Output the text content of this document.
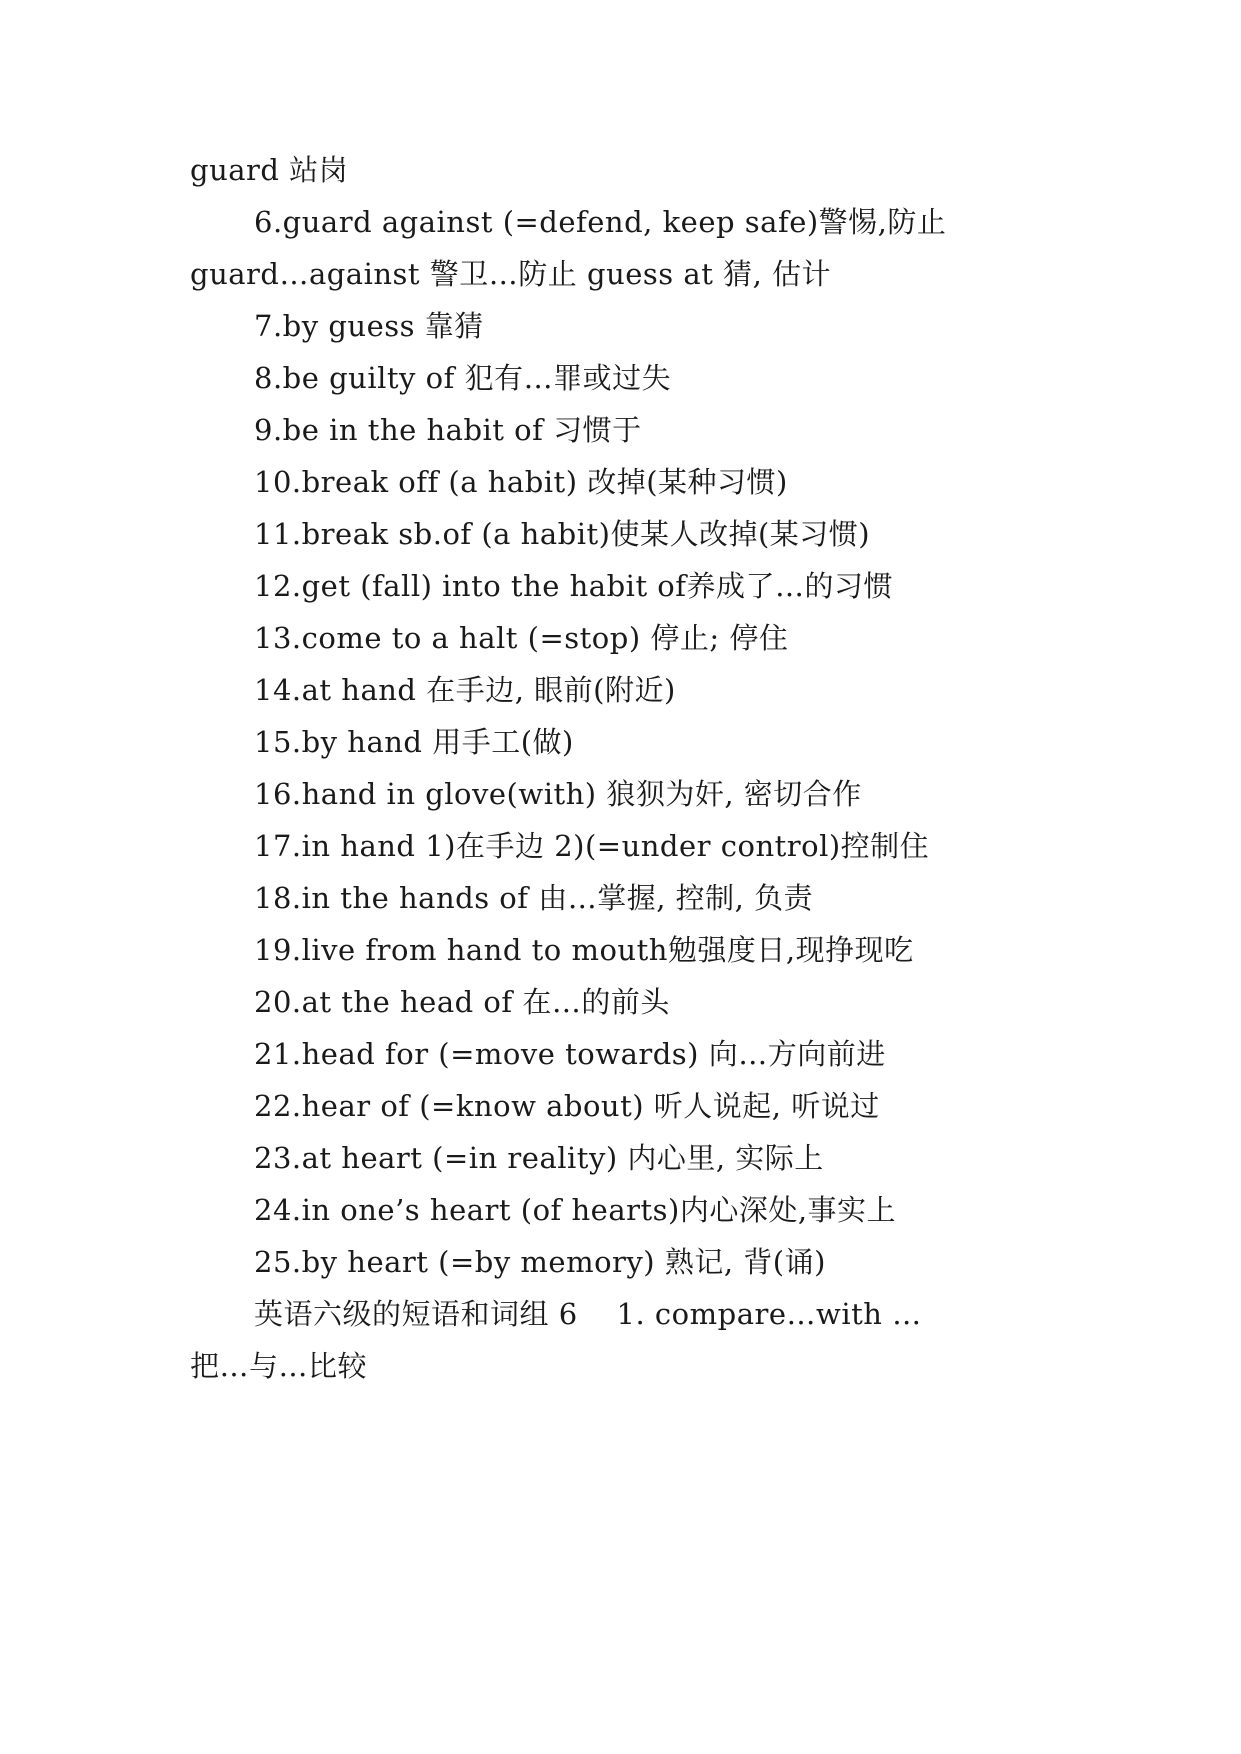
guard 站岗
6.guard against (=defend, keep safe)警惕,防止
guard…against 警卫…防止 guess at 猜, 估计
7.by guess 靠猜
8.be guilty of 犯有…罪或过失
9.be in the habit of 习惯于
10.break off (a habit) 改掉(某种习惯)
11.break sb.of (a habit)使某人改掉(某习惯)
12.get (fall) into the habit of养成了…的习惯
13.come to a halt (=stop) 停止; 停住
14.at hand 在手边, 眼前(附近)
15.by hand 用手工(做)
16.hand in glove(with) 狼狈为奸, 密切合作
17.in hand 1)在手边 2)(=under control)控制住
18.in the hands of 由…掌握, 控制, 负责
19.live from hand to mouth勉强度日,现挣现吃
20.at the head of 在…的前头
21.head for (=move towards) 向…方向前进
22.hear of (=know about) 听人说起, 听说过
23.at heart (=in reality) 内心里, 实际上
24.in one’s heart (of hearts)内心深处,事实上
25.by heart (=by memory) 熟记, 背(诵)
英语六级的短语和词组 6    1. compare…with …
把…与…比较
